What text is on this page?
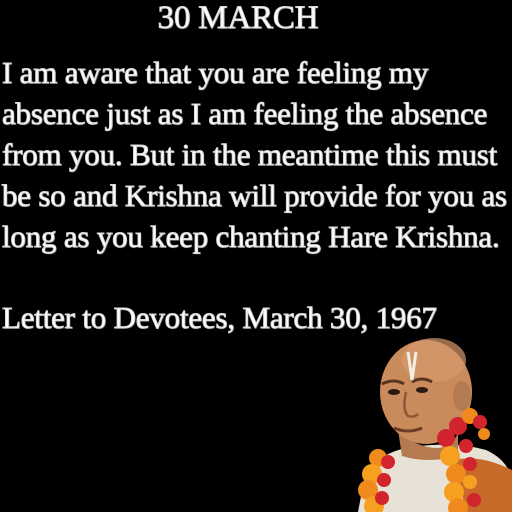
30 MARCH
I am aware that you are feeling my
absence just as I am feeling the absence
from you. But in the meantime this must
be so and Krishna will provide for you as
long as you keep chanting Hare Krishna.
Letter to Devotees, March 30, 1967
